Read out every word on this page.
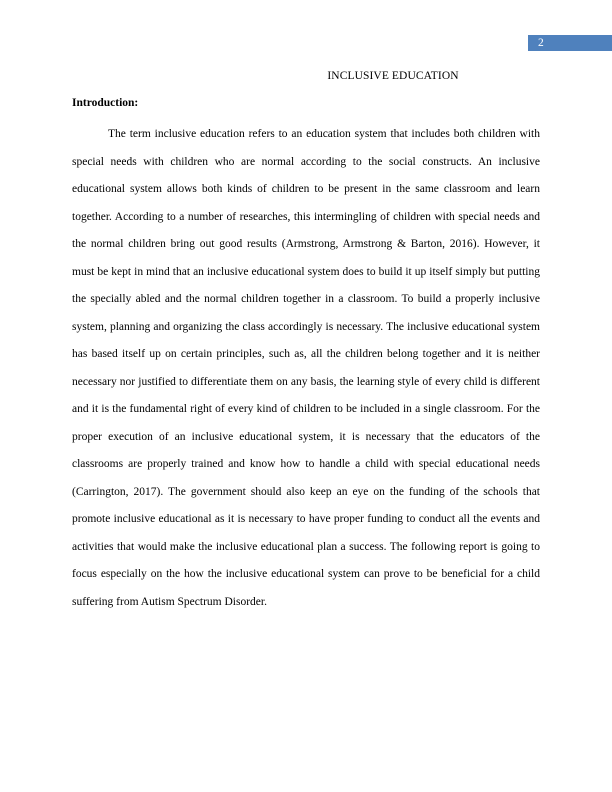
2
INCLUSIVE EDUCATION
Introduction:

The term inclusive education refers to an education system that includes both children with special needs with children who are normal according to the social constructs. An inclusive educational system allows both kinds of children to be present in the same classroom and learn together. According to a number of researches, this intermingling of children with special needs and the normal children bring out good results (Armstrong, Armstrong & Barton, 2016). However, it must be kept in mind that an inclusive educational system does to build it up itself simply but putting the specially abled and the normal children together in a classroom. To build a properly inclusive system, planning and organizing the class accordingly is necessary. The inclusive educational system has based itself up on certain principles, such as, all the children belong together and it is neither necessary nor justified to differentiate them on any basis, the learning style of every child is different and it is the fundamental right of every kind of children to be included in a single classroom. For the proper execution of an inclusive educational system, it is necessary that the educators of the classrooms are properly trained and know how to handle a child with special educational needs (Carrington, 2017). The government should also keep an eye on the funding of the schools that promote inclusive educational as it is necessary to have proper funding to conduct all the events and activities that would make the inclusive educational plan a success. The following report is going to focus especially on the how the inclusive educational system can prove to be beneficial for a child suffering from Autism Spectrum Disorder.
